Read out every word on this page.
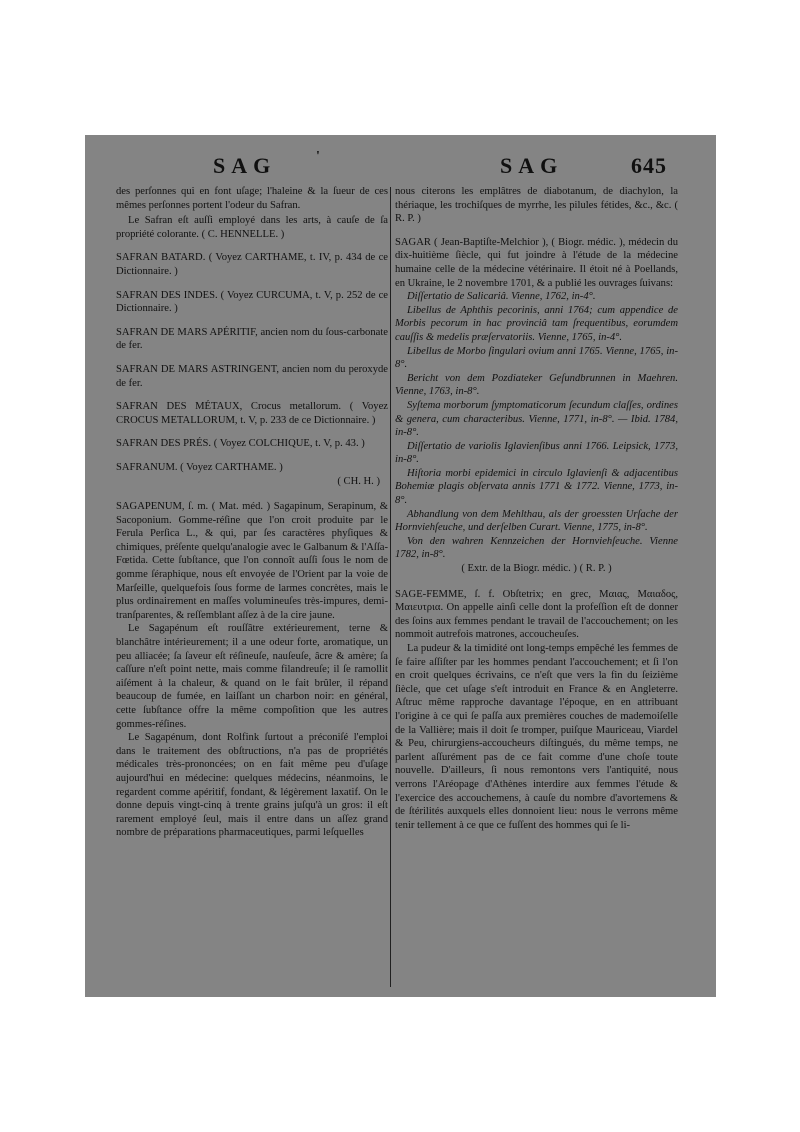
SAG	'	SAG	645

des perſonnes qui en font uſage; l'haleine & la ſueur de ces mêmes perſonnes portent l'odeur du Safran.

Le Safran eſt auſſi employé dans les arts, à cauſe de ſa propriété colorante. ( C. HENNELLE. )

SAFRAN BATARD. ( Voyez CARTHAME, t. IV, p. 434 de ce Dictionnaire. )

SAFRAN DES INDES. ( Voyez CURCUMA, t. V, p. 252 de ce Dictionnaire. )

SAFRAN DE MARS APÉRITIF, ancien nom du ſous-carbonate de fer.

SAFRAN DE MARS ASTRINGENT, ancien nom du peroxyde de fer.

SAFRAN DES MÉTAUX, Crocus metallorum. ( Voyez CROCUS METALLORUM, t. V, p. 233 de ce Dictionnaire. )

SAFRAN DES PRÉS. ( Voyez COLCHIQUE, t. V, p. 43. )

SAFRANUM. ( Voyez CARTHAME. )

( CH. H. )

SAGAPENUM, ſ. m. ( Mat. méd. ) Sagapinum, Serapinum, & Sacoponium. Gomme-réſine que l'on croit produite par le Ferula Perſica L., & qui, par ſes caractères phyſiques & chimiques, préſente quelqu'analogie avec le Galbanum & l'Aſſa-Fœtida. Cette ſubſtance, que l'on connoît auſſi ſous le nom de gomme ſéraphique, nous eſt envoyée de l'Orient par la voie de Marſeille, quelquefois ſous forme de larmes concrètes, mais le plus ordinairement en maſſes volumineuſes très-impures, demi-tranſparentes, & reſſemblant aſſez à de la cire jaune.

Le Sagapénum eſt rouſſâtre extérieurement, terne & blanchâtre intérieurement; il a une odeur forte, aromatique, un peu alliacée; ſa ſaveur eſt réſineuſe, nauſeuſe, âcre & amère; ſa caſſure n'eſt point nette, mais comme filandreuſe; il ſe ramollit aiſément à la chaleur, & quand on le fait brûler, il répand beaucoup de fumée, en laiſſant un charbon noir: en général, cette ſubſtance offre la même compoſition que les autres gommes-réſines.

Le Sagapénum, dont Rolfink ſurtout a préconiſé l'emploi dans le traitement des obſtructions, n'a pas de propriétés médicales très-prononcées; on en fait même peu d'uſage aujourd'hui en médecine: quelques médecins, néanmoins, le regardent comme apéritif, fondant, & légèrement laxatif. On le donne depuis vingt-cinq à trente grains juſqu'à un gros: il eſt rarement employé ſeul, mais il entre dans un aſſez grand nombre de préparations pharmaceutiques, parmi leſquelles

nous citerons les emplâtres de diabotanum, de diachylon, la thériaque, les trochiſques de myrrhe, les pilules fétides, &c., &c. ( R. P. )

SAGAR ( Jean-Baptiſte-Melchior ), ( Biogr. médic. ), médecin du dix-huitième ſiècle, qui fut joindre à l'étude de la médecine humaine celle de la médecine vétérinaire. Il étoit né à Poellands, en Ukraine, le 2 novembre 1701, & a publié les ouvrages ſuivans:

Diſſertatio de Salicariâ. Vienne, 1762, in-4°.

Libellus de Aphthis pecorinis, anni 1764; cum appendice de Morbis pecorum in hac provinciâ tam ſrequentibus, eorumdem cauſſis & medelis præſervatoriis. Vienne, 1765, in-4°.

Libellus de Morbo ſingulari ovium anni 1765. Vienne, 1765, in-8°.

Bericht von dem Pozdiateker Geſundbrunnen in Maehren. Vienne, 1763, in-8°.

Syſtema morborum ſymptomaticorum ſecundum claſſes, ordines & genera, cum characteribus. Vienne, 1771, in-8°. — Ibid. 1784, in-8°.

Diſſertatio de variolis Iglavienſibus anni 1766. Leipsick, 1773, in-8°.

Hiſtoria morbi epidemici in circulo Iglavienſi & adjacentibus Bohemiæ plagis obſervata annis 1771 & 1772. Vienne, 1773, in-8°.

Abhandlung von dem Mehlthau, als der groessten Urſache der Hornviehſeuche, und derſelben Curart. Vienne, 1775, in-8°.

Von den wahren Kennzeichen der Hornviehſeuche. Vienne 1782, in-8°.

( Extr. de la Biogr. médic. ) ( R. P. )

SAGE-FEMME, ſ. f. Obſtetrix; en grec, Μαιας, Μαιαδος, Μαιευτρια. On appelle ainſi celle dont la profeſſion eſt de donner des ſoins aux femmes pendant le travail de l'accouchement; on les nommoit autrefois matrones, accoucheuſes.

La pudeur & la timidité ont long-temps empêché les femmes de ſe faire aſſiſter par les hommes pendant l'accouchement; et ſi l'on en croit quelques écrivains, ce n'eſt que vers la fin du ſeizième ſiècle, que cet uſage s'eſt introduit en France & en Angleterre. Aſtruc même rapproche davantage l'époque, en en attribuant l'origine à ce qui ſe paſſa aux premières couches de mademoiſelle de la Vallière; mais il doit ſe tromper, puiſque Mauriceau, Viardel & Peu, chirurgiens-accoucheurs diſtingués, du même temps, ne parlent aſſurément pas de ce fait comme d'une choſe toute nouvelle. D'ailleurs, ſi nous remontons vers l'antiquité, nous verrons l'Aréopage d'Athènes interdire aux femmes l'étude & l'exercice des accouchemens, à cauſe du nombre d'avortemens & de ſtérilités auxquels elles donnoient lieu: nous le verrons même tenir tellement à ce que ce fuſſent des hommes qui ſe li-
